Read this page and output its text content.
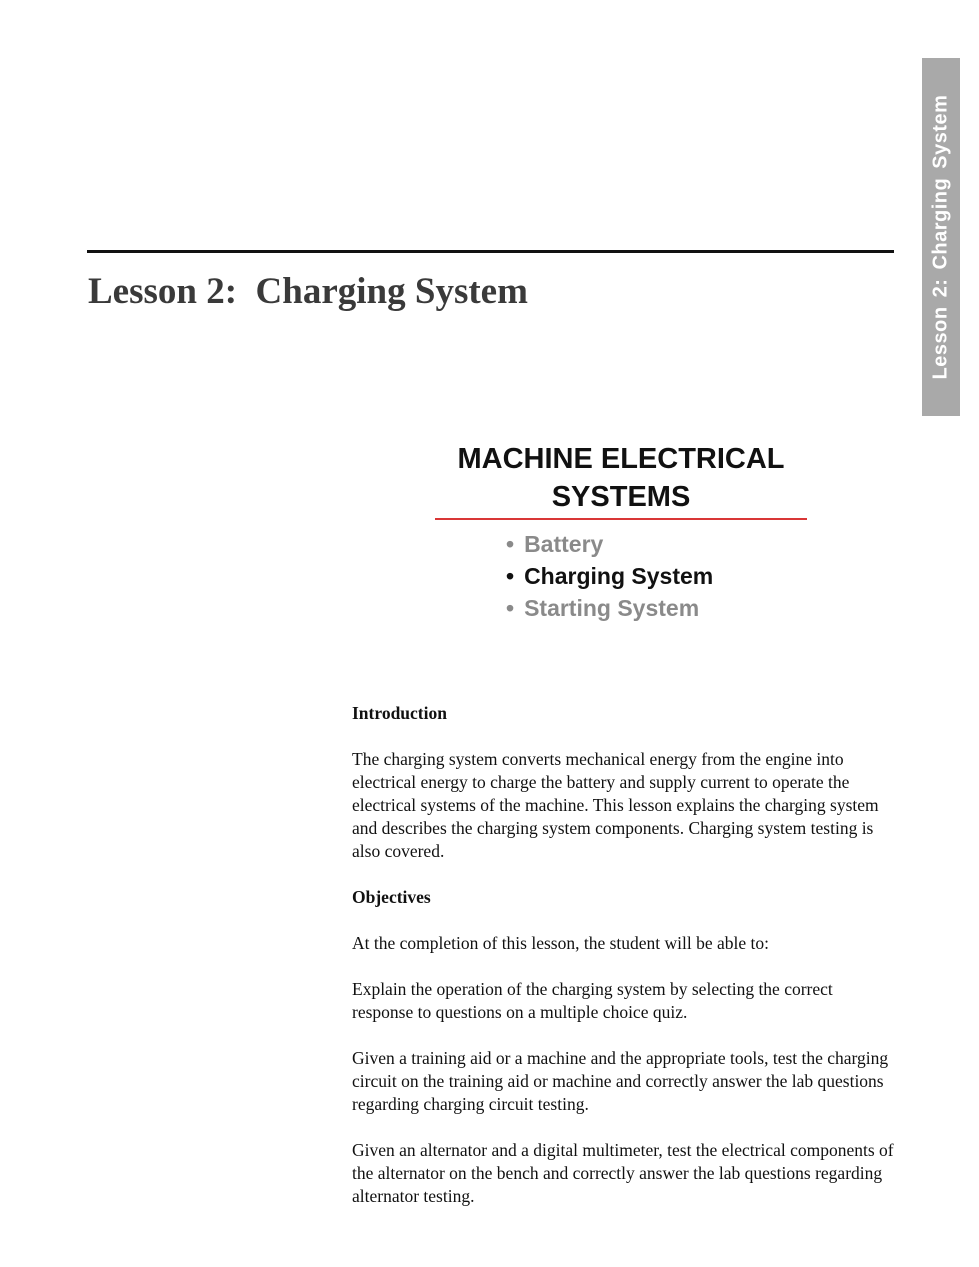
Lesson 2: Charging System
Lesson 2:  Charging System
MACHINE ELECTRICAL SYSTEMS
• Battery
• Charging System
• Starting System
Introduction

The charging system converts mechanical energy from the engine into electrical energy to charge the battery and supply current to operate the electrical systems of the machine. This lesson explains the charging system and describes the charging system components. Charging system testing is also covered.

Objectives

At the completion of this lesson, the student will be able to:

Explain the operation of the charging system by selecting the correct response to questions on a multiple choice quiz.

Given a training aid or a machine and the appropriate tools, test the charging circuit on the training aid or machine and correctly answer the lab questions regarding charging circuit testing.

Given an alternator and a digital multimeter, test the electrical components of the alternator on the bench and correctly answer the lab questions regarding alternator testing.
